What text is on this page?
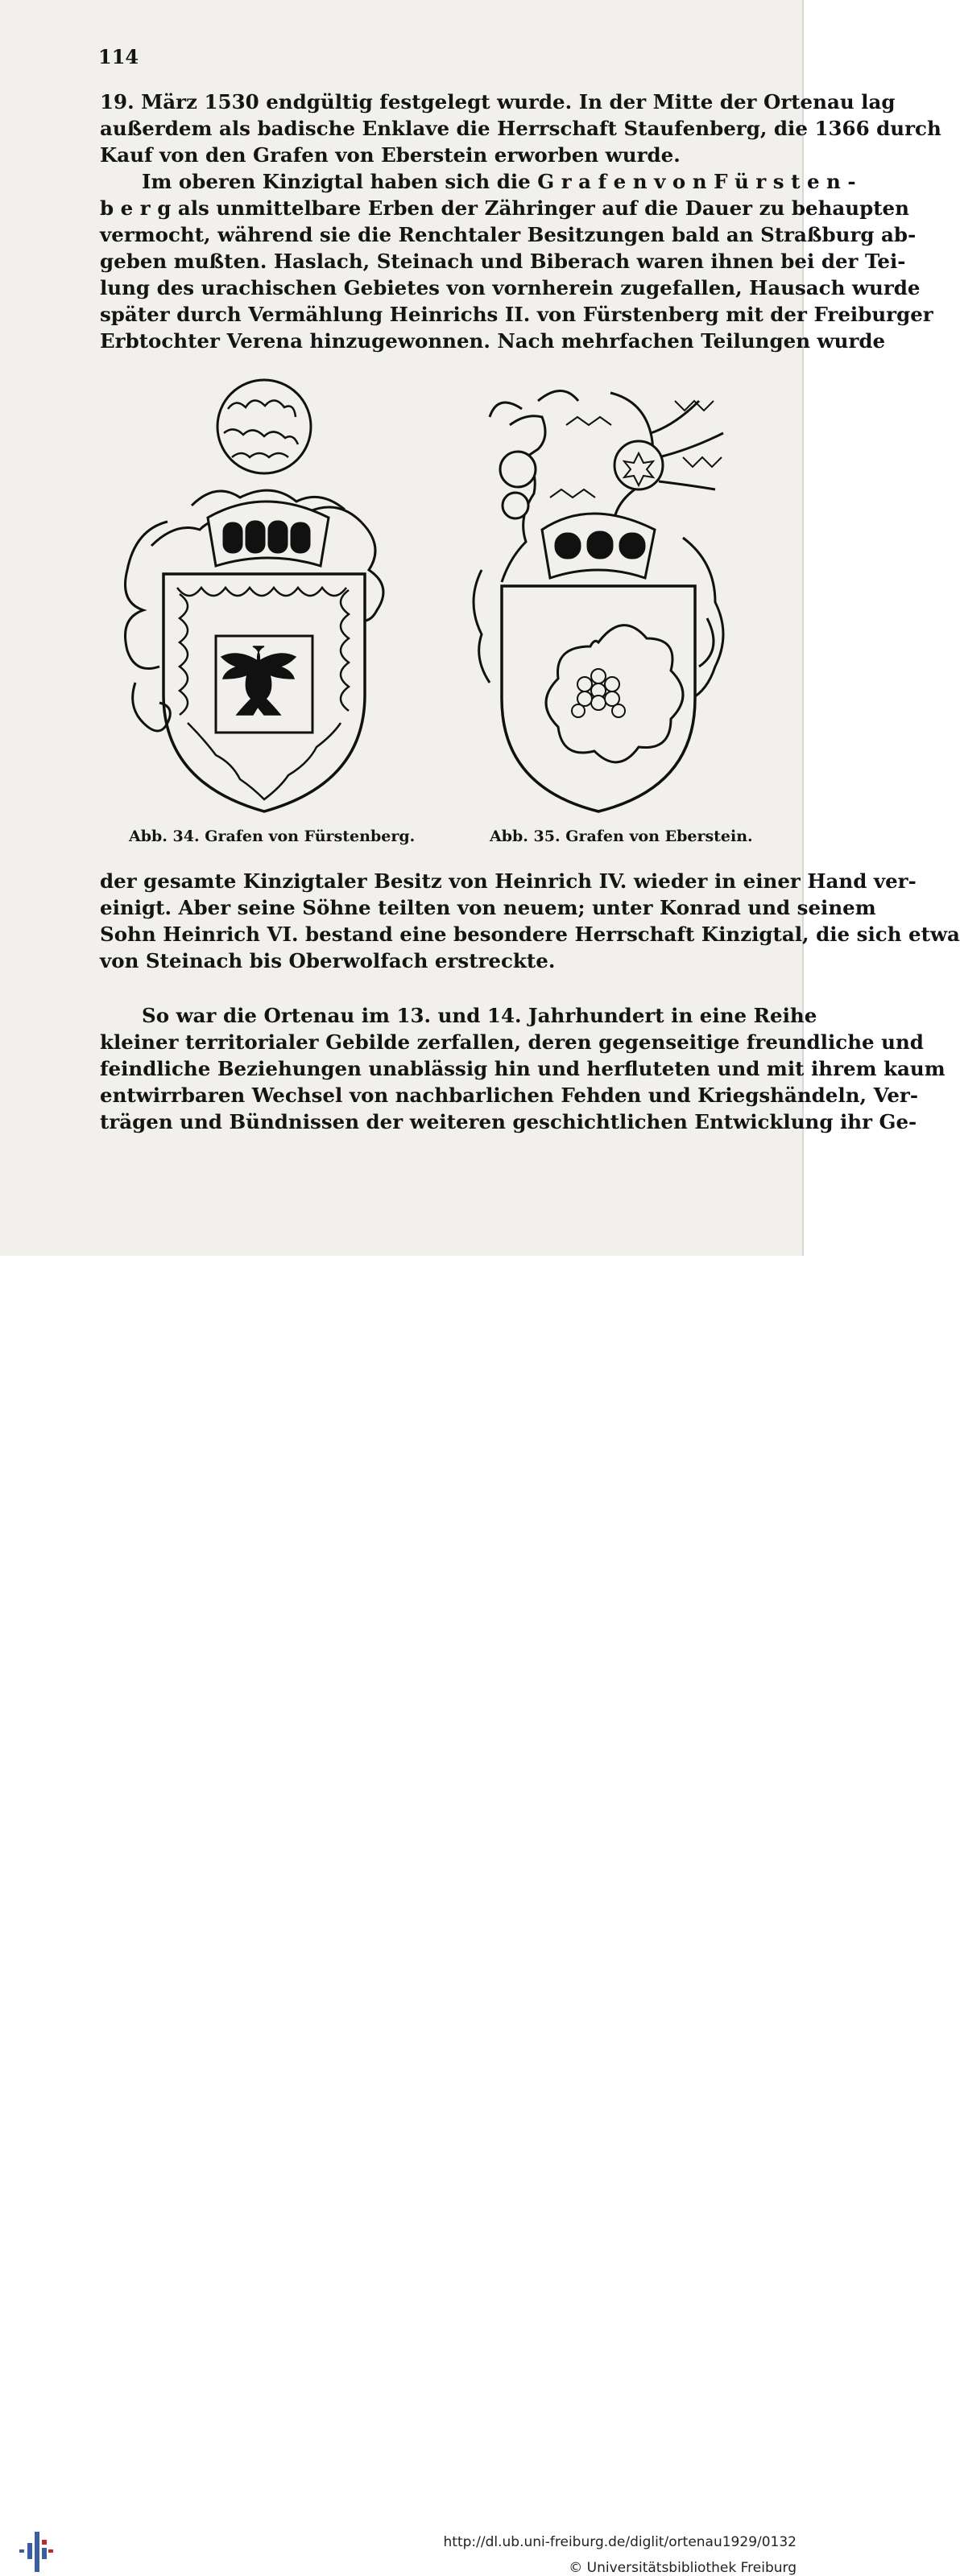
114

19. März 1530 endgültig festgelegt wurde. In der Mitte der Ortenau lag
außerdem als badische Enklave die Herrschaft Staufenberg, die 1366 durch
Kauf von den Grafen von Eberstein erworben wurde.

Im oberen Kinzigtal haben sich die G r a f e n v o n F ü r s t e n -
b e r g als unmittelbare Erben der Zähringer auf die Dauer zu behaupten
vermocht, während sie die Renchtaler Besitzungen bald an Straßburg ab-
geben mußten. Haslach, Steinach und Biberach waren ihnen bei der Tei-
lung des urachischen Gebietes von vornherein zugefallen, Hausach wurde
später durch Vermählung Heinrichs II. von Fürstenberg mit der Freiburger
Erbtochter Verena hinzugewonnen. Nach mehrfachen Teilungen wurde

Abb. 34. Grafen von Fürstenberg.	Abb. 35. Grafen von Eberstein.

der gesamte Kinzigtaler Besitz von Heinrich IV. wieder in einer Hand ver-
einigt. Aber seine Söhne teilten von neuem; unter Konrad und seinem
Sohn Heinrich VI. bestand eine besondere Herrschaft Kinzigtal, die sich etwa
von Steinach bis Oberwolfach erstreckte.

So war die Ortenau im 13. und 14. Jahrhundert in eine Reihe
kleiner territorialer Gebilde zerfallen, deren gegenseitige freundliche und
feindliche Beziehungen unablässig hin und herfluteten und mit ihrem kaum
entwirrbaren Wechsel von nachbarlichen Fehden und Kriegshändeln, Ver-
trägen und Bündnissen der weiteren geschichtlichen Entwicklung ihr Ge-

http://dl.ub.uni-freiburg.de/diglit/ortenau1929/0132
© Universitätsbibliothek Freiburg
